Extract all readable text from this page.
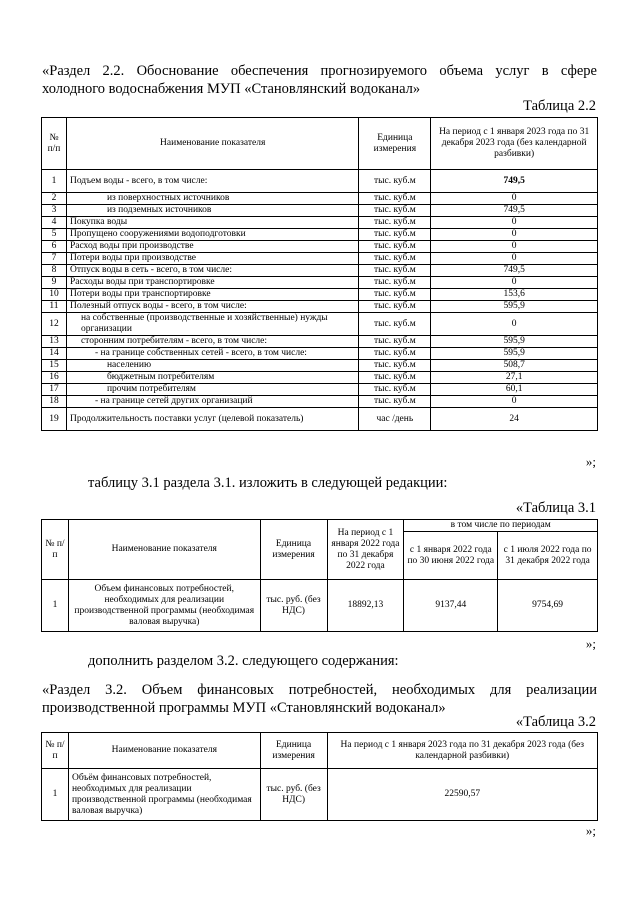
«Раздел 2.2. Обоснование обеспечения прогнозируемого объема услуг в сфере
холодного водоснабжения МУП «Становлянский водоканал»
Таблица 2.2
№ п/п	Наименование показателя	Единица измерения	На период с 1 января 2023 года по 31 декабря 2023 года (без календарной разбивки)
1	Подъем воды - всего, в том числе:	тыс. куб.м	749,5
2	из поверхностных источников	тыс. куб.м	0
3	из подземных источников	тыс. куб.м	749,5
4	Покупка воды	тыс. куб.м	0
5	Пропущено сооружениями водоподготовки	тыс. куб.м	0
6	Расход воды при производстве	тыс. куб.м	0
7	Потери воды при производстве	тыс. куб.м	0
8	Отпуск воды в сеть - всего, в том числе:	тыс. куб.м	749,5
9	Расходы воды при транспортировке	тыс. куб.м	0
10	Потери воды при транспортировке	тыс. куб.м	153,6
11	Полезный отпуск воды - всего, в том числе:	тыс. куб.м	595,9
12	на собственные (производственные и хозяйственные) нужды организации	тыс. куб.м	0
13	сторонним потребителям - всего, в том числе:	тыс. куб.м	595,9
14	- на границе собственных сетей - всего, в том числе:	тыс. куб.м	595,9
15	населению	тыс. куб.м	508,7
16	бюджетным потребителям	тыс. куб.м	27,1
17	прочим потребителям	тыс. куб.м	60,1
18	- на границе сетей других организаций	тыс. куб.м	0
19	Продолжительность поставки услуг (целевой показатель)	час /день	24
»;
таблицу 3.1 раздела 3.1. изложить в следующей редакции:
«Таблица 3.1
№ п/п	Наименование показателя	Единица измерения	На период с 1 января 2022 года по 31 декабря 2022 года	в том числе по периодам	
				с 1 января 2022 года по 30 июня 2022 года	с 1 июля 2022 года по 31 декабря 2022 года
1	Объем финансовых потребностей, необходимых для реализации производственной программы (необходимая валовая выручка)	тыс. руб. (без НДС)	18892,13	9137,44	9754,69
»;
дополнить разделом 3.2. следующего содержания:
«Раздел 3.2. Объем финансовых потребностей, необходимых для реализации
производственной программы МУП «Становлянский водоканал»
«Таблица 3.2
№ п/п	Наименование показателя	Единица измерения	На период с 1 января 2023 года по 31 декабря 2023 года (без календарной разбивки)
1	Объём финансовых потребностей, необходимых для реализации производственной программы (необходимая валовая выручка)	тыс. руб. (без НДС)	22590,57
»;
